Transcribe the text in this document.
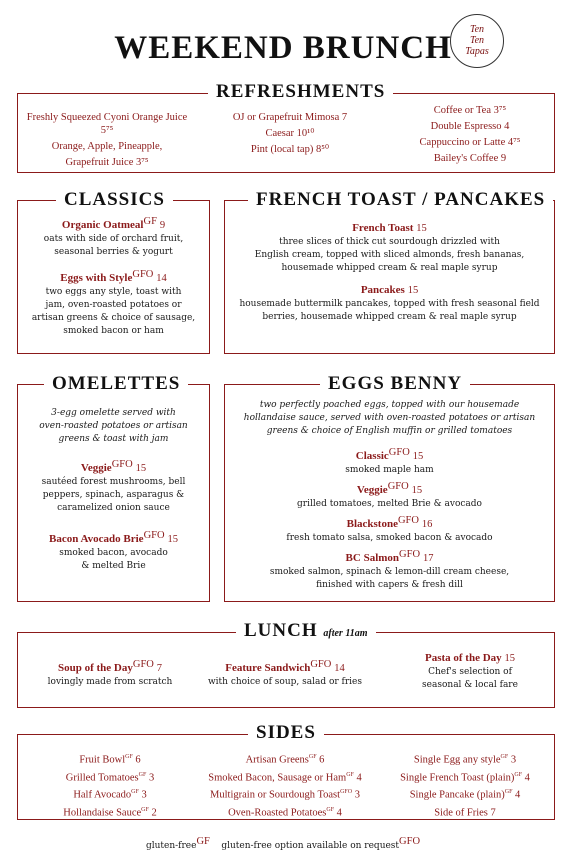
WEEKEND BRUNCH
Ten
Ten
Tapas
REFRESHMENTS
Freshly Squeezed Cyoni Orange Juice 5⁷⁵
Orange, Apple, Pineapple,
Grapefruit Juice 3⁷⁵
OJ or Grapefruit Mimosa 7
Caesar 10¹⁰
Pint (local tap) 8⁵⁰
Coffee or Tea 3⁷⁵
Double Espresso 4
Cappuccino or Latte 4⁷⁵
Bailey's Coffee 9
CLASSICS
Organic Oatmeal$^{GF}$ 9
oats with side of orchard fruit,
seasonal berries & yogurt
Eggs with Style$^{GFO}$ 14
two eggs any style, toast with
jam, oven-roasted potatoes or
artisan greens & choice of sausage,
smoked bacon or ham
FRENCH TOAST / PANCAKES
French Toast 15
three slices of thick cut sourdough drizzled with
English cream, topped with sliced almonds, fresh bananas,
housemade whipped cream & real maple syrup
Pancakes 15
housemade buttermilk pancakes, topped with fresh seasonal field
berries, housemade whipped cream & real maple syrup
OMELETTES
3-egg omelette served with
oven-roasted potatoes or artisan
greens & toast with jam
Veggie$^{GFO}$ 15
sautéed forest mushrooms, bell
peppers, spinach, asparagus &
caramelized onion sauce
Bacon Avocado Brie$^{GFO}$ 15
smoked bacon, avocado
& melted Brie
EGGS BENNY
two perfectly poached eggs, topped with our housemade
hollandaise sauce, served with oven-roasted potatoes or artisan
greens & choice of English muffin or grilled tomatoes
Classic$^{GFO}$ 15
smoked maple ham
Veggie$^{GFO}$ 15
grilled tomatoes, melted Brie & avocado
Blackstone$^{GFO}$ 16
fresh tomato salsa, smoked bacon & avocado
BC Salmon$^{GFO}$ 17
smoked salmon, spinach & lemon-dill cream cheese,
finished with capers & fresh dill
LUNCH after 11am
Soup of the Day$^{GFO}$ 7
lovingly made from scratch
Feature Sandwich$^{GFO}$ 14
with choice of soup, salad or fries
Pasta of the Day 15
Chef's selection of
seasonal & local fare
SIDES
Fruit Bowl$^{GF}$ 6
Grilled Tomatoes$^{GF}$ 3
Half Avocado$^{GF}$ 3
Hollandaise Sauce$^{GF}$ 2
Artisan Greens$^{GF}$ 6
Smoked Bacon, Sausage or Ham$^{GF}$ 4
Multigrain or Sourdough Toast$^{GFO}$ 3
Oven-Roasted Potatoes$^{GF}$ 4
Single Egg any style$^{GF}$ 3
Single French Toast (plain)$^{GF}$ 4
Single Pancake (plain)$^{GF}$ 4
Side of Fries 7
gluten-free$^{GF}$ gluten-free option available on request$^{GFO}$
